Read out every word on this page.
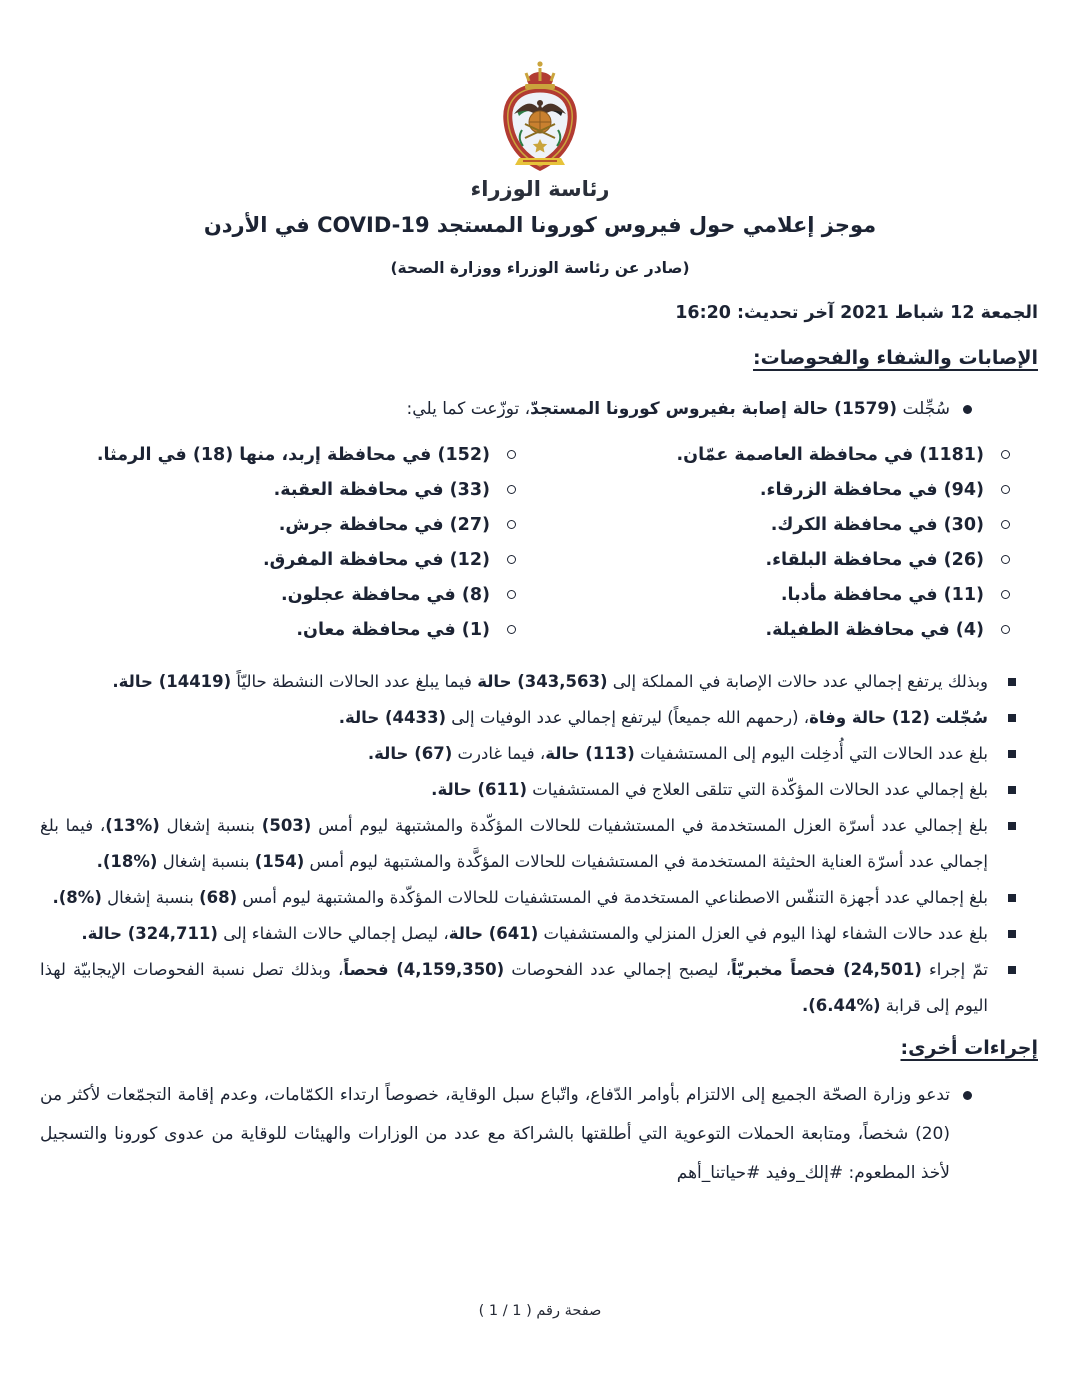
رئاسة الوزراء
موجز إعلامي حول فيروس كورونا المستجد COVID-19 في الأردن
(صادر عن رئاسة الوزراء ووزارة الصحة)
الجمعة 12 شباط 2021 آخر تحديث: 16:20
الإصابات والشفاء والفحوصات:
سُجِّلت (1579) حالة إصابة بفيروس كورونا المستجدّ، توزّعت كما يلي:
(1181) في محافظة العاصمة عمّان.
(94) في محافظة الزرقاء.
(30) في محافظة الكرك.
(26) في محافظة البلقاء.
(11) في محافظة مأدبا.
(4) في محافظة الطفيلة.
(152) في محافظة إربد، منها (18) في الرمثا.
(33) في محافظة العقبة.
(27) في محافظة جرش.
(12) في محافظة المفرق.
(8) في محافظة عجلون.
(1) في محافظة معان.
وبذلك يرتفع إجمالي عدد حالات الإصابة في المملكة إلى (343,563) حالة فيما يبلغ عدد الحالات النشطة حاليّاً (14419) حالة.
سُجّلت (12) حالة وفاة، (رحمهم الله جميعاً) ليرتفع إجمالي عدد الوفيات إلى (4433) حالة.
بلغ عدد الحالات التي أُدخِلت اليوم إلى المستشفيات (113) حالة، فيما غادرت (67) حالة.
بلغ إجمالي عدد الحالات المؤكّدة التي تتلقى العلاج في المستشفيات (611) حالة.
بلغ إجمالي عدد أسرّة العزل المستخدمة في المستشفيات للحالات المؤكّدة والمشتبهة ليوم أمس (503) بنسبة إشغال (%13)، فيما بلغ إجمالي عدد أسرّة العناية الحثيثة المستخدمة في المستشفيات للحالات المؤكَّدة والمشتبهة ليوم أمس (154) بنسبة إشغال (%18).
بلغ إجمالي عدد أجهزة التنفّس الاصطناعي المستخدمة في المستشفيات للحالات المؤكّدة والمشتبهة ليوم أمس (68) بنسبة إشغال (%8).
بلغ عدد حالات الشفاء لهذا اليوم في العزل المنزلي والمستشفيات (641) حالة، ليصل إجمالي حالات الشفاء إلى (324,711) حالة.
تمّ إجراء (24,501) فحصاً مخبريّاً، ليصبح إجمالي عدد الفحوصات (4,159,350) فحصاً، وبذلك تصل نسبة الفحوصات الإيجابيّة لهذا اليوم إلى قرابة (%6.44).
إجراءات أخرى:
تدعو وزارة الصحّة الجميع إلى الالتزام بأوامر الدّفاع، واتّباع سبل الوقاية، خصوصاً ارتداء الكمّامات، وعدم إقامة التجمّعات لأكثر من (20) شخصاً، ومتابعة الحملات التوعوية التي أطلقتها بالشراكة مع عدد من الوزارات والهيئات للوقاية من عدوى كورونا والتسجيل لأخذ المطعوم: #إلك_وفيد #حياتنا_أهم
صفحة رقم ( 1 / 1 )
